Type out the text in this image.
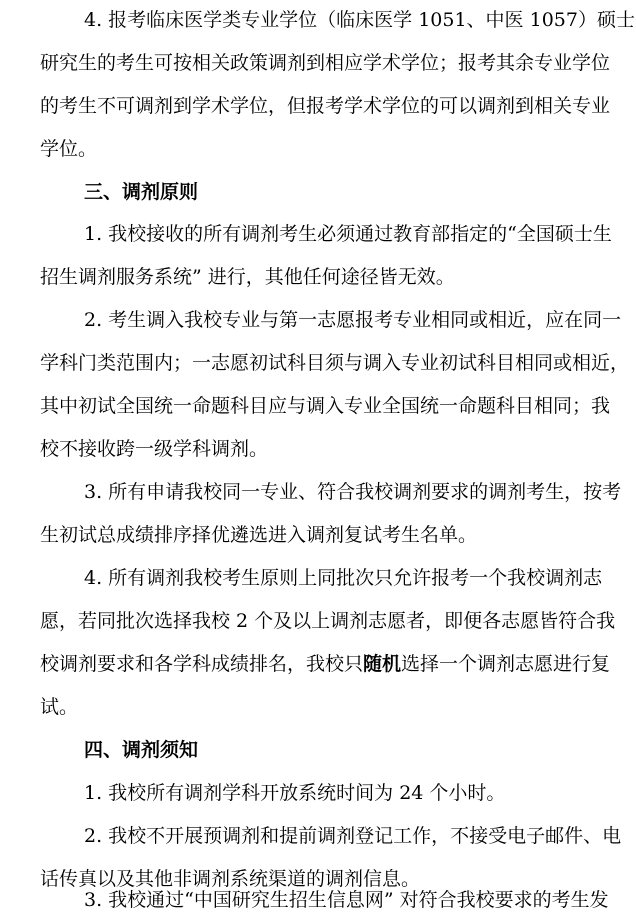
4. 报考临床医学类专业学位（临床医学 1051、中医 1057）硕士

研究生的考生可按相关政策调剂到相应学术学位；报考其余专业学位

的考生不可调剂到学术学位，但报考学术学位的可以调剂到相关专业

学位。

三、调剂原则

1. 我校接收的所有调剂考生必须通过教育部指定的“全国硕士生

招生调剂服务系统” 进行，其他任何途径皆无效。

2. 考生调入我校专业与第一志愿报考专业相同或相近，应在同一

学科门类范围内；一志愿初试科目须与调入专业初试科目相同或相近，

其中初试全国统一命题科目应与调入专业全国统一命题科目相同；我

校不接收跨一级学科调剂。

3. 所有申请我校同一专业、符合我校调剂要求的调剂考生，按考

生初试总成绩排序择优遴选进入调剂复试考生名单。

4. 所有调剂我校考生原则上同批次只允许报考一个我校调剂志

愿，若同批次选择我校 2 个及以上调剂志愿者，即便各志愿皆符合我

校调剂要求和各学科成绩排名，我校只随机选择一个调剂志愿进行复

试。

四、调剂须知

1. 我校所有调剂学科开放系统时间为 24 个小时。

2. 我校不开展预调剂和提前调剂登记工作，不接受电子邮件、电

话传真以及其他非调剂系统渠道的调剂信息。

3. 我校通过“中国研究生招生信息网” 对符合我校要求的考生发
